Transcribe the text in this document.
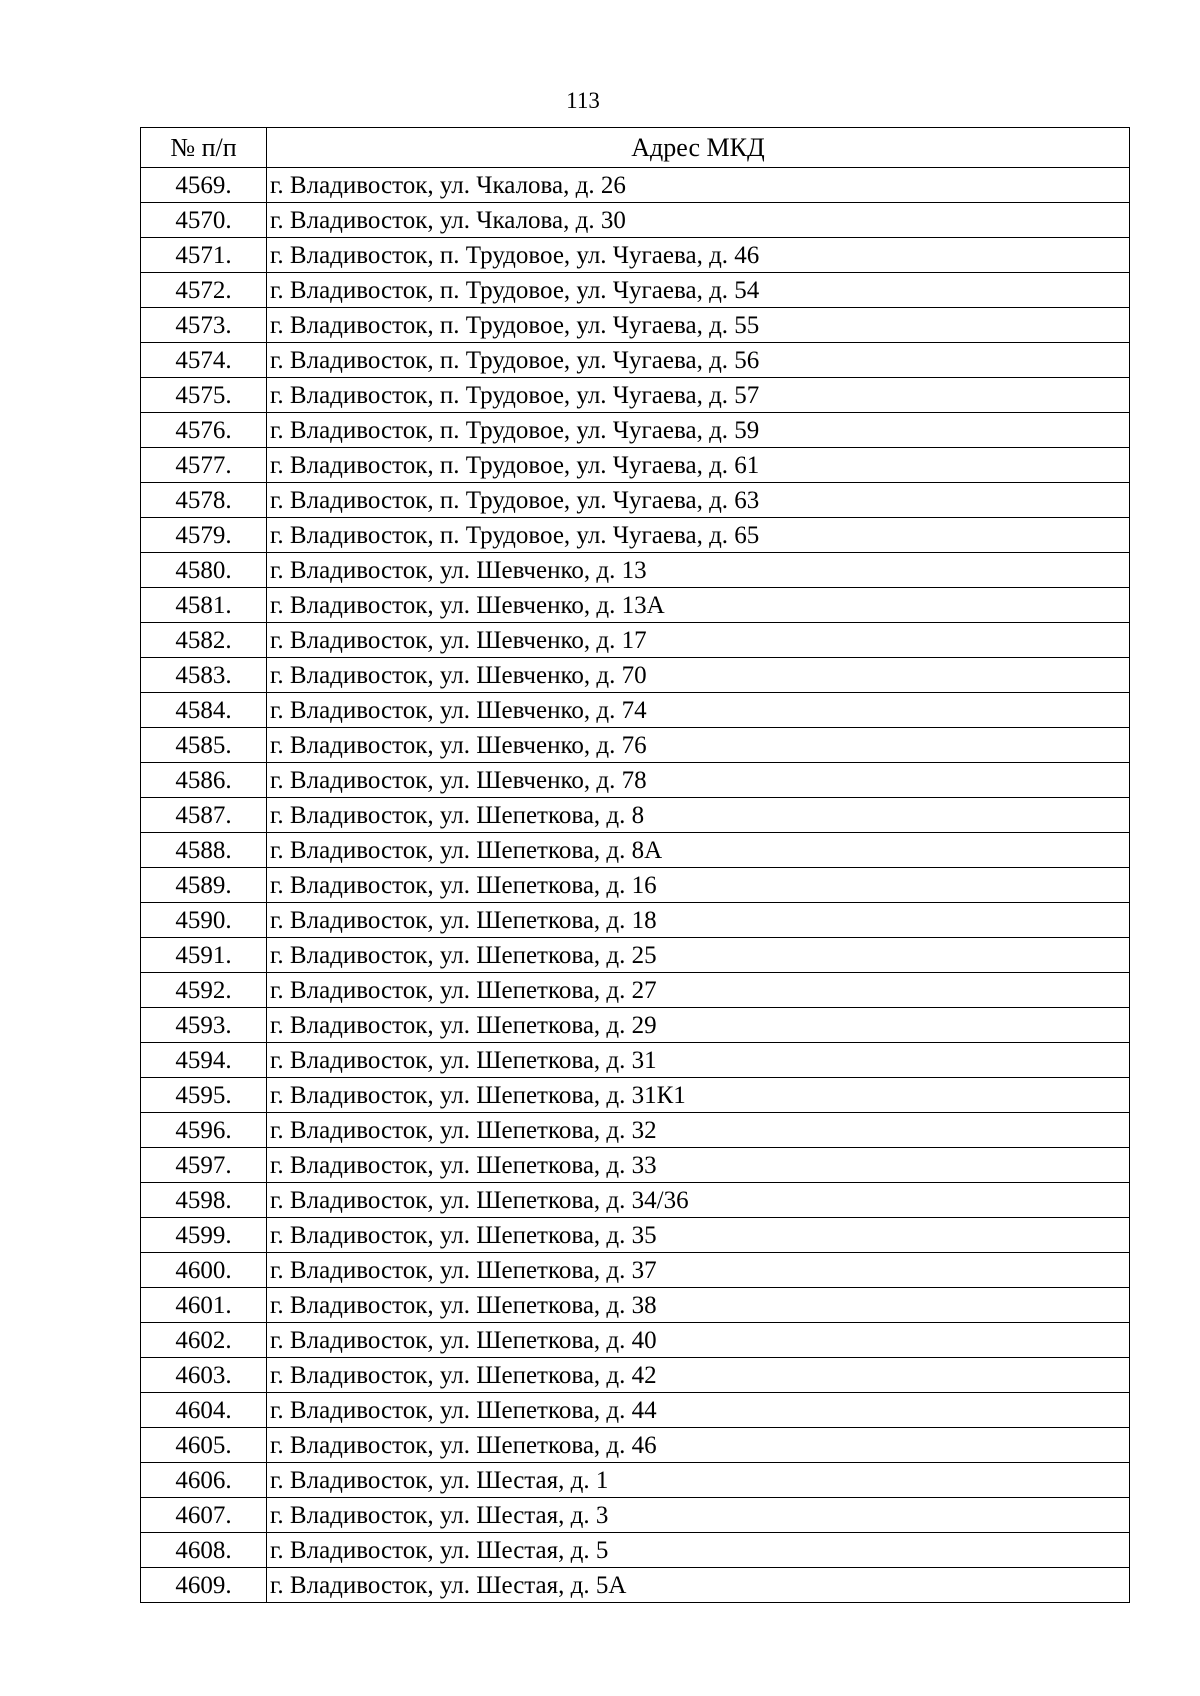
113
№ п/п	Адрес МКД
4569.	г. Владивосток, ул. Чкалова, д. 26
4570.	г. Владивосток, ул. Чкалова, д. 30
4571.	г. Владивосток, п. Трудовое, ул. Чугаева, д. 46
4572.	г. Владивосток, п. Трудовое, ул. Чугаева, д. 54
4573.	г. Владивосток, п. Трудовое, ул. Чугаева, д. 55
4574.	г. Владивосток, п. Трудовое, ул. Чугаева, д. 56
4575.	г. Владивосток, п. Трудовое, ул. Чугаева, д. 57
4576.	г. Владивосток, п. Трудовое, ул. Чугаева, д. 59
4577.	г. Владивосток, п. Трудовое, ул. Чугаева, д. 61
4578.	г. Владивосток, п. Трудовое, ул. Чугаева, д. 63
4579.	г. Владивосток, п. Трудовое, ул. Чугаева, д. 65
4580.	г. Владивосток, ул. Шевченко, д. 13
4581.	г. Владивосток, ул. Шевченко, д. 13А
4582.	г. Владивосток, ул. Шевченко, д. 17
4583.	г. Владивосток, ул. Шевченко, д. 70
4584.	г. Владивосток, ул. Шевченко, д. 74
4585.	г. Владивосток, ул. Шевченко, д. 76
4586.	г. Владивосток, ул. Шевченко, д. 78
4587.	г. Владивосток, ул. Шепеткова, д. 8
4588.	г. Владивосток, ул. Шепеткова, д. 8А
4589.	г. Владивосток, ул. Шепеткова, д. 16
4590.	г. Владивосток, ул. Шепеткова, д. 18
4591.	г. Владивосток, ул. Шепеткова, д. 25
4592.	г. Владивосток, ул. Шепеткова, д. 27
4593.	г. Владивосток, ул. Шепеткова, д. 29
4594.	г. Владивосток, ул. Шепеткова, д. 31
4595.	г. Владивосток, ул. Шепеткова, д. 31К1
4596.	г. Владивосток, ул. Шепеткова, д. 32
4597.	г. Владивосток, ул. Шепеткова, д. 33
4598.	г. Владивосток, ул. Шепеткова, д. 34/36
4599.	г. Владивосток, ул. Шепеткова, д. 35
4600.	г. Владивосток, ул. Шепеткова, д. 37
4601.	г. Владивосток, ул. Шепеткова, д. 38
4602.	г. Владивосток, ул. Шепеткова, д. 40
4603.	г. Владивосток, ул. Шепеткова, д. 42
4604.	г. Владивосток, ул. Шепеткова, д. 44
4605.	г. Владивосток, ул. Шепеткова, д. 46
4606.	г. Владивосток, ул. Шестая, д. 1
4607.	г. Владивосток, ул. Шестая, д. 3
4608.	г. Владивосток, ул. Шестая, д. 5
4609.	г. Владивосток, ул. Шестая, д. 5А
